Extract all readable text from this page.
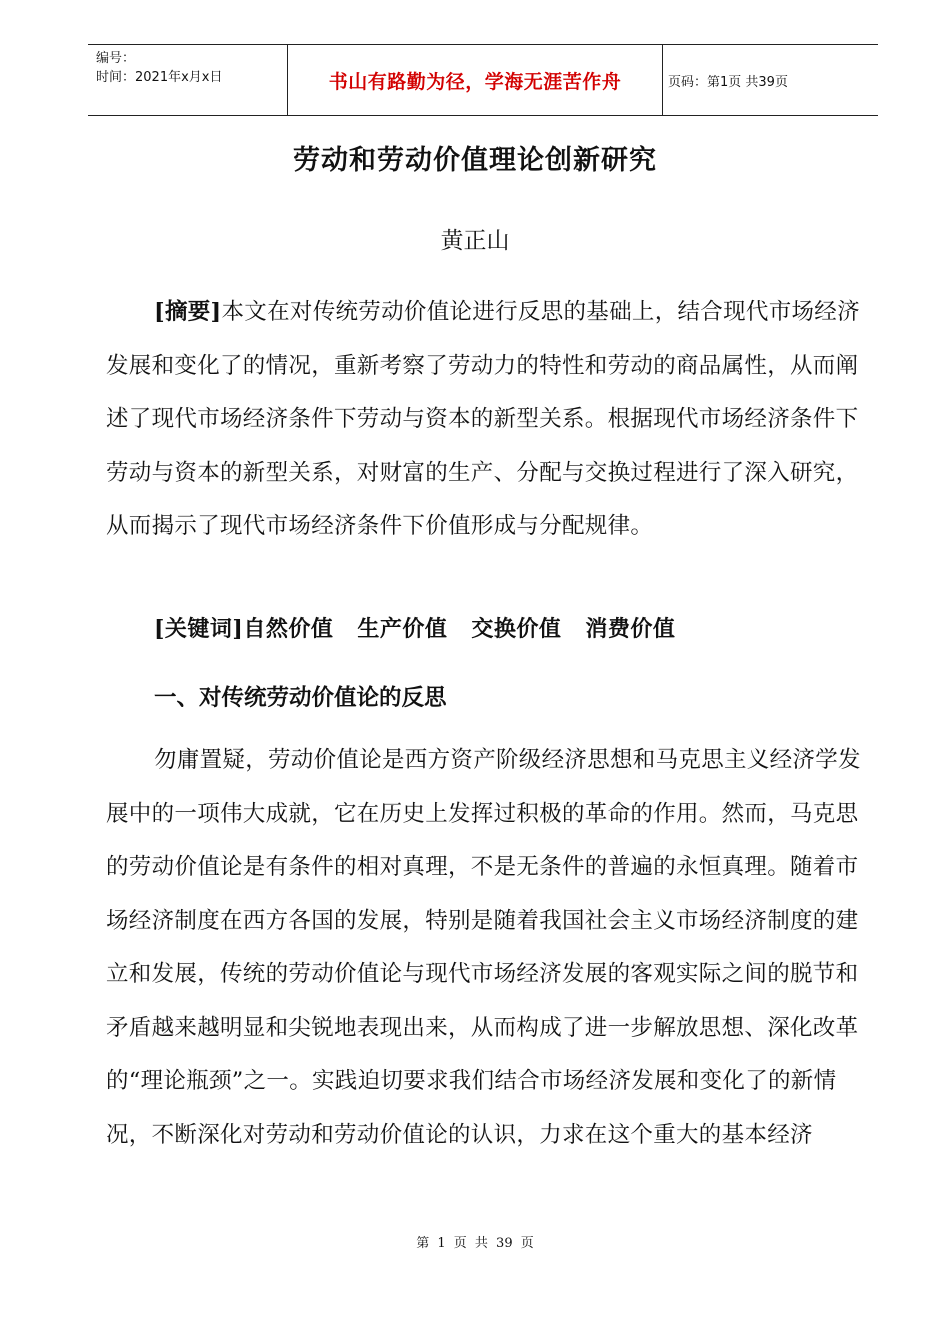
编号：
时间：2021年x月x日	书山有路勤为径，学海无涯苦作舟	页码：第1页 共39页
劳动和劳动价值理论创新研究
黄正山
[摘要]本文在对传统劳动价值论进行反思的基础上，结合现代市场经济发展和变化了的情况，重新考察了劳动力的特性和劳动的商品属性，从而阐述了现代市场经济条件下劳动与资本的新型关系。根据现代市场经济条件下劳动与资本的新型关系，对财富的生产、分配与交换过程进行了深入研究，从而揭示了现代市场经济条件下价值形成与分配规律。
[关键词]自然价值 生产价值 交换价值 消费价值
一、对传统劳动价值论的反思
勿庸置疑，劳动价值论是西方资产阶级经济思想和马克思主义经济学发展中的一项伟大成就，它在历史上发挥过积极的革命的作用。然而，马克思的劳动价值论是有条件的相对真理，不是无条件的普遍的永恒真理。随着市场经济制度在西方各国的发展，特别是随着我国社会主义市场经济制度的建立和发展，传统的劳动价值论与现代市场经济发展的客观实际之间的脱节和矛盾越来越明显和尖锐地表现出来，从而构成了进一步解放思想、深化改革的“理论瓶颈”之一。实践迫切要求我们结合市场经济发展和变化了的新情况，不断深化对劳动和劳动价值论的认识，力求在这个重大的基本经济
第 1 页 共 39 页
